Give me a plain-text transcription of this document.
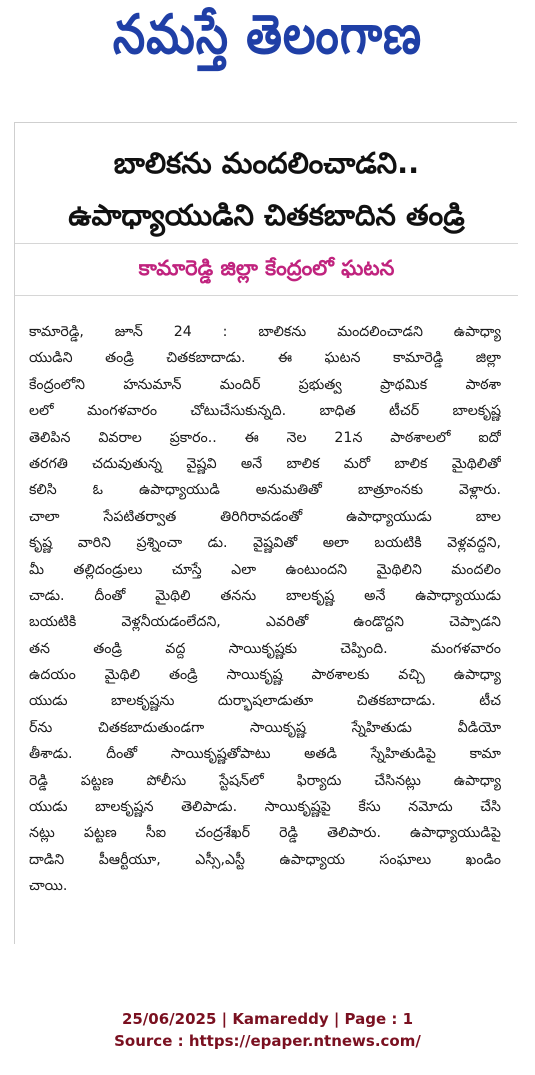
నమస్తే తెలంగాణ
బాలికను మందలించాడని..
ఉపాధ్యాయుడిని చితకబాదిన తండ్రి
కామారెడ్డి జిల్లా కేంద్రంలో ఘటన
కామారెడ్డి, జూన్ 24 : బాలికను మందలించాడని ఉపాధ్యా
యుడిని తండ్రి చితకబాదాడు. ఈ ఘటన కామారెడ్డి జిల్లా
కేంద్రంలోని హనుమాన్ మందిర్ ప్రభుత్వ ప్రాథమిక పాఠశా
లలో మంగళవారం చోటుచేసుకున్నది. బాధిత టీచర్ బాలకృష్ణ
తెలిపిన వివరాల ప్రకారం.. ఈ నెల 21న పాఠశాలలో ఐదో
తరగతి చదువుతున్న వైష్ణవి అనే బాలిక మరో బాలిక మైథిలితో
కలిసి ఓ ఉపాధ్యాయుడి అనుమతితో బాత్రూంనకు వెళ్లారు.
చాలా సేపటితర్వాత తిరిగిరావడంతో ఉపాధ్యాయుడు బాల
కృష్ణ వారిని ప్రశ్నించా డు. వైష్ణవితో అలా బయటికి వెళ్లవద్దని,
మీ తల్లిదండ్రులు చూస్తే ఎలా ఉంటుందని మైథిలిని మందలిం
చాడు. దీంతో మైథిలి తనను బాలకృష్ణ అనే ఉపాధ్యాయుడు
బయటికి వెళ్లనీయడంలేదని, ఎవరితో ఉండొద్దని చెప్పాడని
తన తండ్రి వద్ద సాయికృష్ణకు చెప్పింది. మంగళవారం
ఉదయం మైథిలి తండ్రి సాయికృష్ణ పాఠశాలకు వచ్చి ఉపాధ్యా
యుడు బాలకృష్ణను దుర్భాషలాడుతూ చితకబాదాడు. టీచ
ర్‌ను చితకబాదుతుండగా సాయికృష్ణ స్నేహితుడు వీడియో
తీశాడు. దీంతో సాయికృష్ణతోపాటు అతడి స్నేహితుడిపై కామా
రెడ్డి పట్టణ పోలీసు స్టేషన్‌లో ఫిర్యాదు చేసినట్లు ఉపాధ్యా
యుడు బాలకృష్ణన తెలిపాడు. సాయికృష్ణపై కేసు నమోదు చేసి
నట్లు పట్టణ సీఐ చంద్రశేఖర్ రెడ్డి తెలిపారు. ఉపాధ్యాయుడిపై
దాడిని పీఆర్టీయూ, ఎస్సీ,ఎస్టీ ఉపాధ్యాయ సంఘాలు ఖండిం
చాయి.
25/06/2025 | Kamareddy | Page : 1
Source : https://epaper.ntnews.com/
